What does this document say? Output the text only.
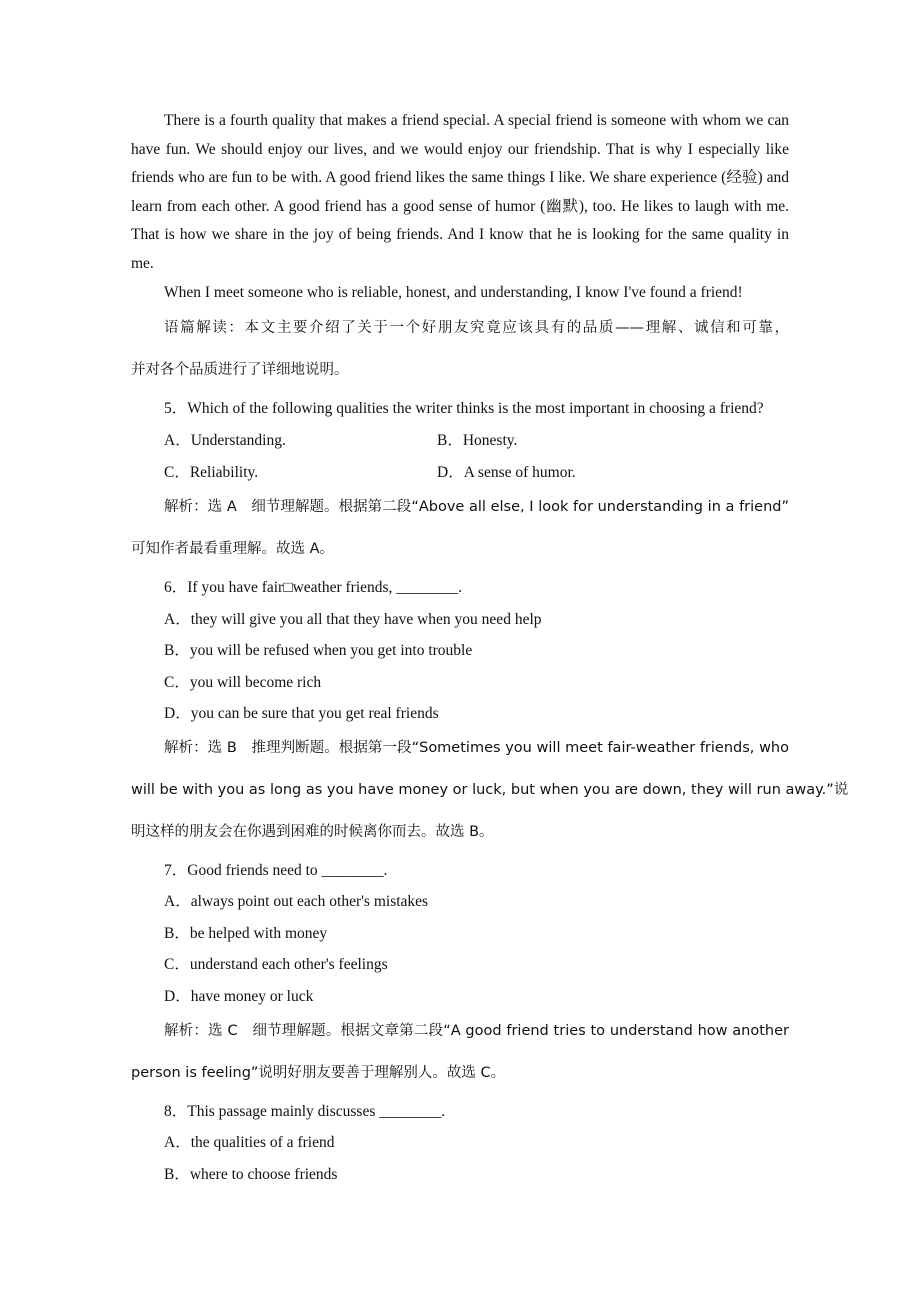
There is a fourth quality that makes a friend special. A special friend is someone with whom we can have fun. We should enjoy our lives, and we would enjoy our friendship. That is why I especially like friends who are fun to be with. A good friend likes the same things I like. We share experience (经验) and learn from each other. A good friend has a good sense of humor (幽默), too. He likes to laugh with me. That is how we share in the joy of being friends. And I know that he is looking for the same quality in me.

When I meet someone who is reliable, honest, and understanding, I know I've found a friend!

语篇解读：本文主要介绍了关于一个好朋友究竟应该具有的品质——理解、诚信和可靠，

并对各个品质进行了详细地说明。

5．Which of the following qualities the writer thinks is the most important in choosing a friend?

A．Understanding.	B．Honesty.

C．Reliability.	D．A sense of humor.

解析：选 A　细节理解题。根据第二段“Above all else, I look for understanding in a friend”

可知作者最看重理解。故选 A。

6．If you have fair□weather friends, ________.

A．they will give you all that they have when you need help

B．you will be refused when you get into trouble

C．you will become rich

D．you can be sure that you get real friends

解析：选 B　推理判断题。根据第一段“Sometimes you will meet fair-weather friends, who

will be with you as long as you have money or luck, but when you are down, they will run away.”说

明这样的朋友会在你遇到困难的时候离你而去。故选 B。

7．Good friends need to ________.

A．always point out each other's mistakes

B．be helped with money

C．understand each other's feelings

D．have money or luck

解析：选 C　细节理解题。根据文章第二段“A good friend tries to understand how another

person is feeling”说明好朋友要善于理解别人。故选 C。

8．This passage mainly discusses ________.

A．the qualities of a friend

B．where to choose friends
